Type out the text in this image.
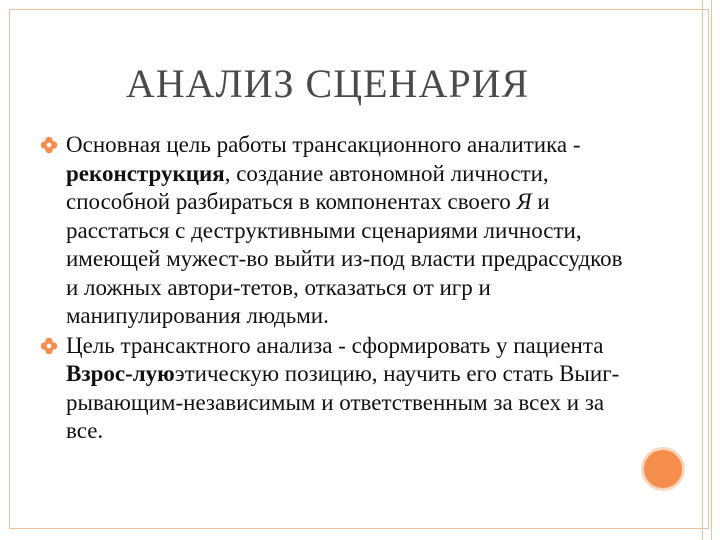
АНАЛИЗ СЦЕНАРИЯ

Основная цель работы трансакционного аналитика - реконструкция, создание автономной личности, способной разбираться в компонентах своего Я и расстаться с деструктивными сценариями личности, имеющей мужест-во выйти из-под власти предрассудков и ложных автори-тетов, отказаться от игр и манипулирования людьми.

Цель трансактного анализа - сформировать у пациента Взрос-луюэтическую позицию, научить его стать Выиг-рывающим-независимым и ответственным за всех и за все.
